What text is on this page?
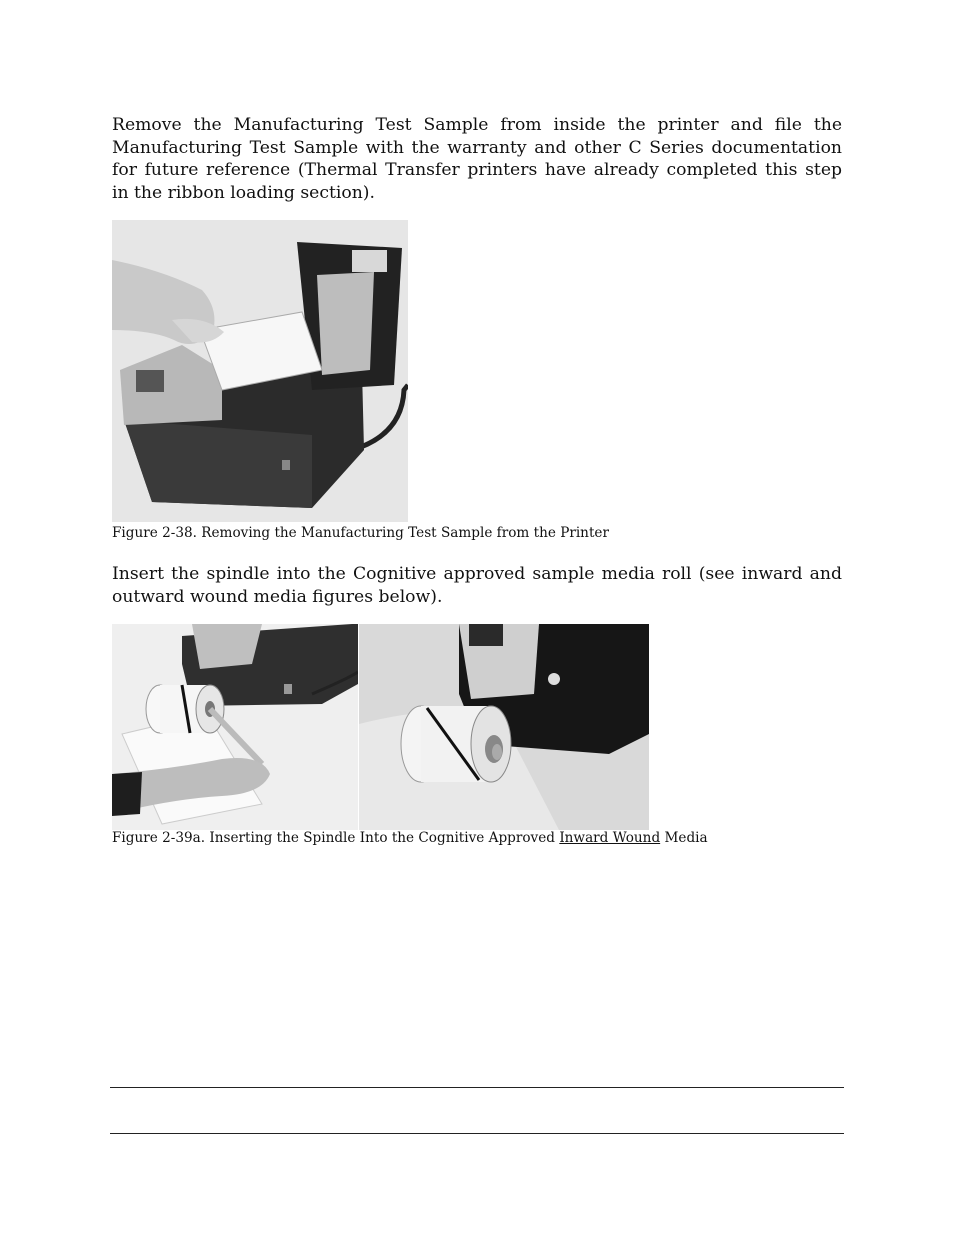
Remove the Manufacturing Test Sample from inside the printer and file the Manufacturing Test Sample with the warranty and other C Series documentation for future reference (Thermal Transfer printers have already completed this step in the ribbon loading section).

Figure 2-38. Removing the Manufacturing Test Sample from the Printer

Insert the spindle into the Cognitive approved sample media roll (see inward and outward wound media figures below).

Figure 2-39a. Inserting the Spindle Into the Cognitive Approved Inward Wound Media
